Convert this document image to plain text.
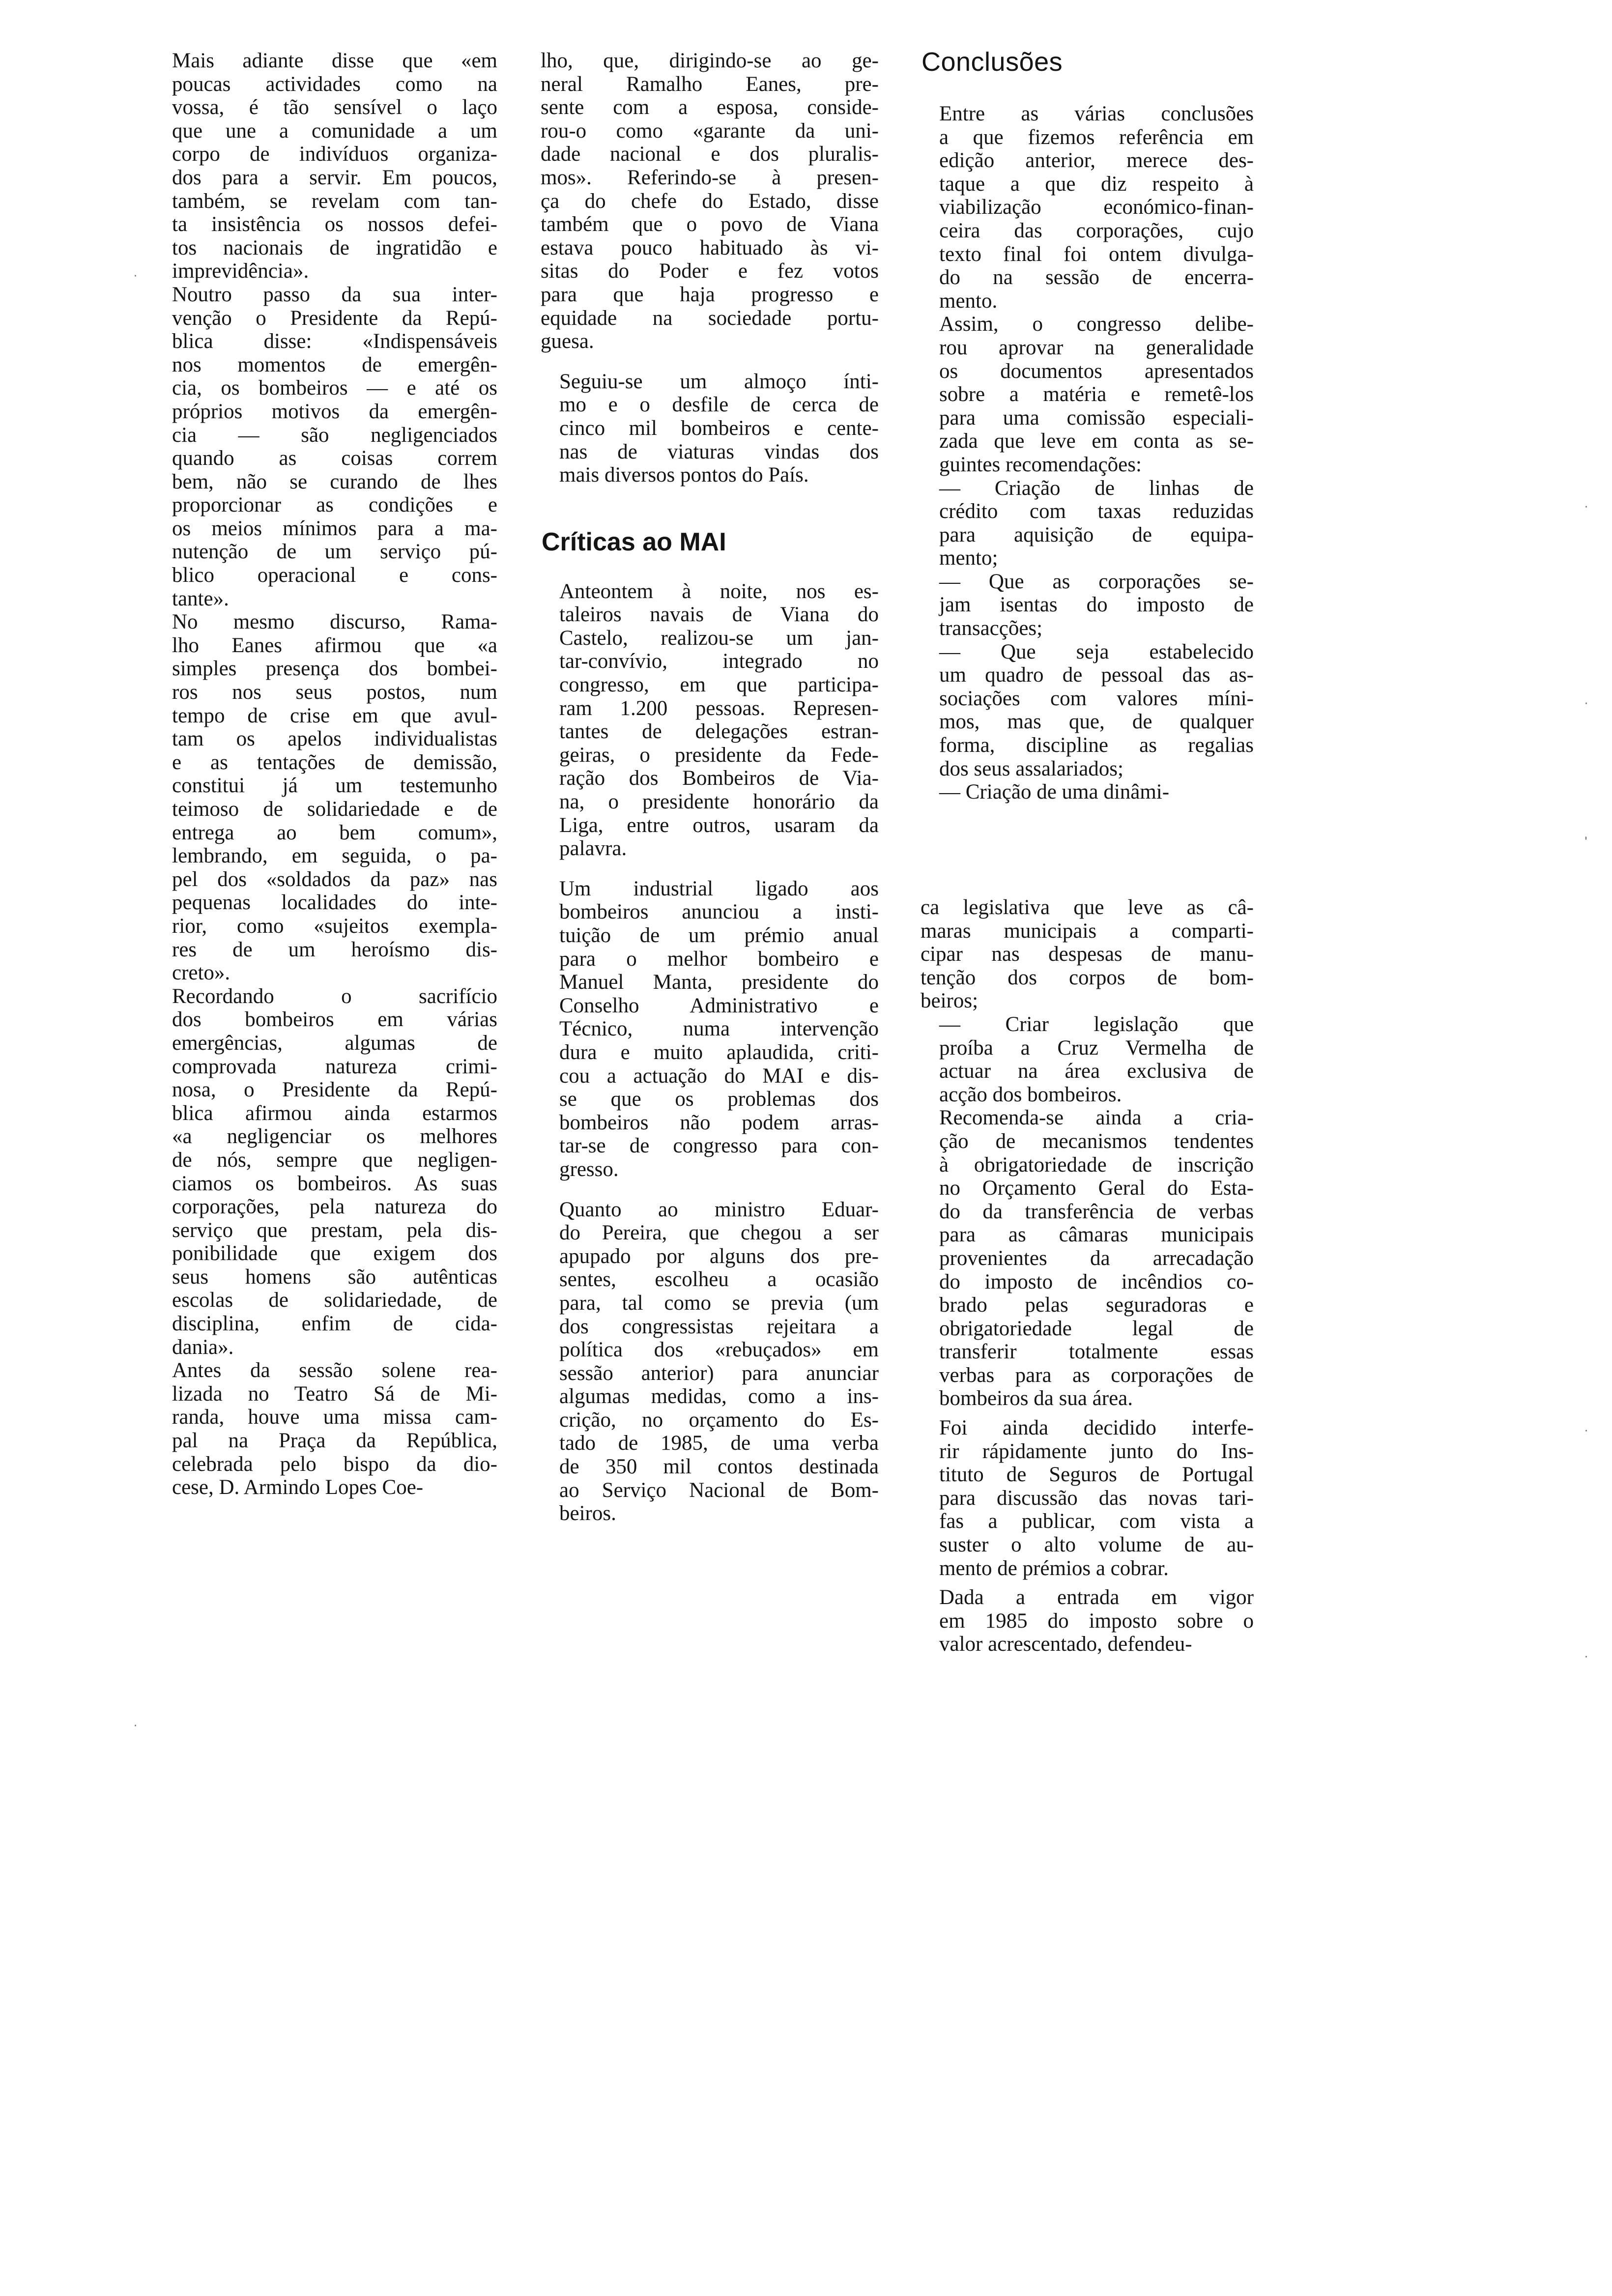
Mais adiante disse que «em
poucas actividades como na
vossa, é tão sensível o laço
que une a comunidade a um
corpo de indivíduos organiza-
dos para a servir. Em poucos,
também, se revelam com tan-
ta insistência os nossos defei-
tos nacionais de ingratidão e
imprevidência».

Noutro passo da sua inter-
venção o Presidente da Repú-
blica disse: «Indispensáveis
nos momentos de emergên-
cia, os bombeiros — e até os
próprios motivos da emergên-
cia — são negligenciados
quando as coisas correm
bem, não se curando de lhes
proporcionar as condições e
os meios mínimos para a ma-
nutenção de um serviço pú-
blico operacional e cons-
tante».

No mesmo discurso, Rama-
lho Eanes afirmou que «a
simples presença dos bombei-
ros nos seus postos, num
tempo de crise em que avul-
tam os apelos individualistas
e as tentações de demissão,
constitui já um testemunho
teimoso de solidariedade e de
entrega ao bem comum»,
lembrando, em seguida, o pa-
pel dos «soldados da paz» nas
pequenas localidades do inte-
rior, como «sujeitos exempla-
res de um heroísmo dis-
creto».

Recordando o sacrifício
dos bombeiros em várias
emergências, algumas de
comprovada natureza crimi-
nosa, o Presidente da Repú-
blica afirmou ainda estarmos
«a negligenciar os melhores
de nós, sempre que negligen-
ciamos os bombeiros. As suas
corporações, pela natureza do
serviço que prestam, pela dis-
ponibilidade que exigem dos
seus homens são autênticas
escolas de solidariedade, de
disciplina, enfim de cida-
dania».

Antes da sessão solene rea-
lizada no Teatro Sá de Mi-
randa, houve uma missa cam-
pal na Praça da República,
celebrada pelo bispo da dio-
cese, D. Armindo Lopes Coe-

lho, que, dirigindo-se ao ge-
neral Ramalho Eanes, pre-
sente com a esposa, conside-
rou-o como «garante da uni-
dade nacional e dos pluralis-
mos». Referindo-se à presen-
ça do chefe do Estado, disse
também que o povo de Viana
estava pouco habituado às vi-
sitas do Poder e fez votos
para que haja progresso e
equidade na sociedade portu-
guesa.

Seguiu-se um almoço ínti-
mo e o desfile de cerca de
cinco mil bombeiros e cente-
nas de viaturas vindas dos
mais diversos pontos do País.

Críticas ao MAI

Anteontem à noite, nos es-
taleiros navais de Viana do
Castelo, realizou-se um jan-
tar-convívio, integrado no
congresso, em que participa-
ram 1.200 pessoas. Represen-
tantes de delegações estran-
geiras, o presidente da Fede-
ração dos Bombeiros de Via-
na, o presidente honorário da
Liga, entre outros, usaram da
palavra.

Um industrial ligado aos
bombeiros anunciou a insti-
tuição de um prémio anual
para o melhor bombeiro e
Manuel Manta, presidente do
Conselho Administrativo e
Técnico, numa intervenção
dura e muito aplaudida, criti-
cou a actuação do MAI e dis-
se que os problemas dos
bombeiros não podem arras-
tar-se de congresso para con-
gresso.

Quanto ao ministro Eduar-
do Pereira, que chegou a ser
apupado por alguns dos pre-
sentes, escolheu a ocasião
para, tal como se previa (um
dos congressistas rejeitara a
política dos «rebuçados» em
sessão anterior) para anunciar
algumas medidas, como a ins-
crição, no orçamento do Es-
tado de 1985, de uma verba
de 350 mil contos destinada
ao Serviço Nacional de Bom-
beiros.

Conclusões

Entre as várias conclusões
a que fizemos referência em
edição anterior, merece des-
taque a que diz respeito à
viabilização económico-finan-
ceira das corporações, cujo
texto final foi ontem divulga-
do na sessão de encerra-
mento.

Assim, o congresso delibe-
rou aprovar na generalidade
os documentos apresentados
sobre a matéria e remetê-los
para uma comissão especiali-
zada que leve em conta as se-
guintes recomendações:

— Criação de linhas de
crédito com taxas reduzidas
para aquisição de equipa-
mento;

— Que as corporações se-
jam isentas do imposto de
transacções;

— Que seja estabelecido
um quadro de pessoal das as-
sociações com valores míni-
mos, mas que, de qualquer
forma, discipline as regalias
dos seus assalariados;

— Criação de uma dinâmi-

ca legislativa que leve as câ-
maras municipais a comparti-
cipar nas despesas de manu-
tenção dos corpos de bom-
beiros;

— Criar legislação que
proíba a Cruz Vermelha de
actuar na área exclusiva de
acção dos bombeiros.

Recomenda-se ainda a cria-
ção de mecanismos tendentes
à obrigatoriedade de inscrição
no Orçamento Geral do Esta-
do da transferência de verbas
para as câmaras municipais
provenientes da arrecadação
do imposto de incêndios co-
brado pelas seguradoras e
obrigatoriedade legal de
transferir totalmente essas
verbas para as corporações de
bombeiros da sua área.

Foi ainda decidido interfe-
rir rápidamente junto do Ins-
tituto de Seguros de Portugal
para discussão das novas tari-
fas a publicar, com vista a
suster o alto volume de au-
mento de prémios a cobrar.

Dada a entrada em vigor
em 1985 do imposto sobre o
valor acrescentado, defendeu-

·
·
'
·
·
·
·
